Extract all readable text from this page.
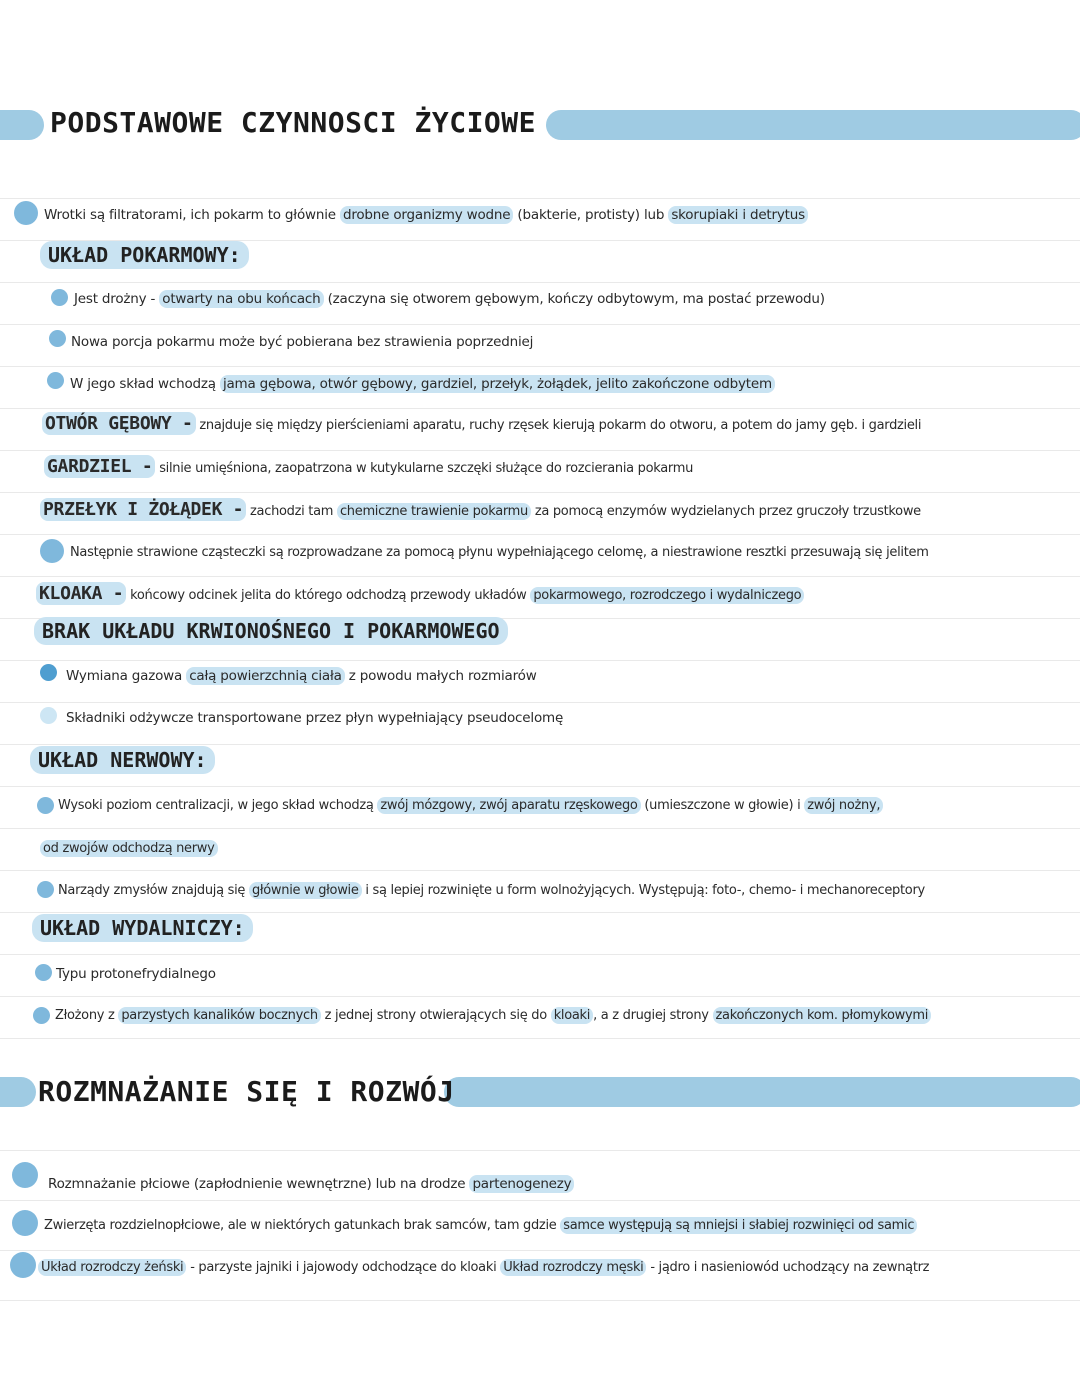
PODSTAWOWE CZYNNOSCI ŻYCIOWE

Wrotki są filtratorami, ich pokarm to głównie drobne organizmy wodne (bakterie, protisty) lub skorupiaki i detrytus

UKŁAD POKARMOWY:

Jest drożny - otwarty na obu końcach (zaczyna się otworem gębowym, kończy odbytowym, ma postać przewodu)

Nowa porcja pokarmu może być pobierana bez strawienia poprzedniej

W jego skład wchodzą jama gębowa, otwór gębowy, gardziel, przełyk, żołądek, jelito zakończone odbytem

OTWÓR GĘBOWY - znajduje się między pierścieniami aparatu, ruchy rzęsek kierują pokarm do otworu, a potem do jamy gęb. i gardzieli

GARDZIEL - silnie umięśniona, zaopatrzona w kutykularne szczęki służące do rozcierania pokarmu

PRZEŁYK I ŻOŁĄDEK - zachodzi tam chemiczne trawienie pokarmu za pomocą enzymów wydzielanych przez gruczoły trzustkowe

Następnie strawione cząsteczki są rozprowadzane za pomocą płynu wypełniającego celomę, a niestrawione resztki przesuwają się jelitem

KLOAKA - końcowy odcinek jelita do którego odchodzą przewody układów pokarmowego, rozrodczego i wydalniczego

BRAK UKŁADU KRWIONOŚNEGO I POKARMOWEGO

Wymiana gazowa całą powierzchnią ciała z powodu małych rozmiarów

Składniki odżywcze transportowane przez płyn wypełniający pseudocelomę

UKŁAD NERWOWY:

Wysoki poziom centralizacji, w jego skład wchodzą zwój mózgowy, zwój aparatu rzęskowego (umieszczone w głowie) i zwój nożny,

od zwojów odchodzą nerwy

Narządy zmysłów znajdują się głównie w głowie i są lepiej rozwinięte u form wolnożyjących. Występują: foto-, chemo- i mechanoreceptory

UKŁAD WYDALNICZY:

Typu protonefrydialnego

Złożony z parzystych kanalików bocznych z jednej strony otwierających się do kloaki , a z drugiej strony zakończonych kom. płomykowymi

ROZMNAŻANIE SIĘ I ROZWÓJ

Rozmnażanie płciowe (zapłodnienie wewnętrzne) lub na drodze partenogenezy

Zwierzęta rozdzielnopłciowe, ale w niektórych gatunkach brak samców, tam gdzie samce występują są mniejsi i słabiej rozwinięci od samic

Układ rozrodczy żeński - parzyste jajniki i jajowody odchodzące do kloaki Układ rozrodczy męski - jądro i nasieniowód uchodzący na zewnątrz
